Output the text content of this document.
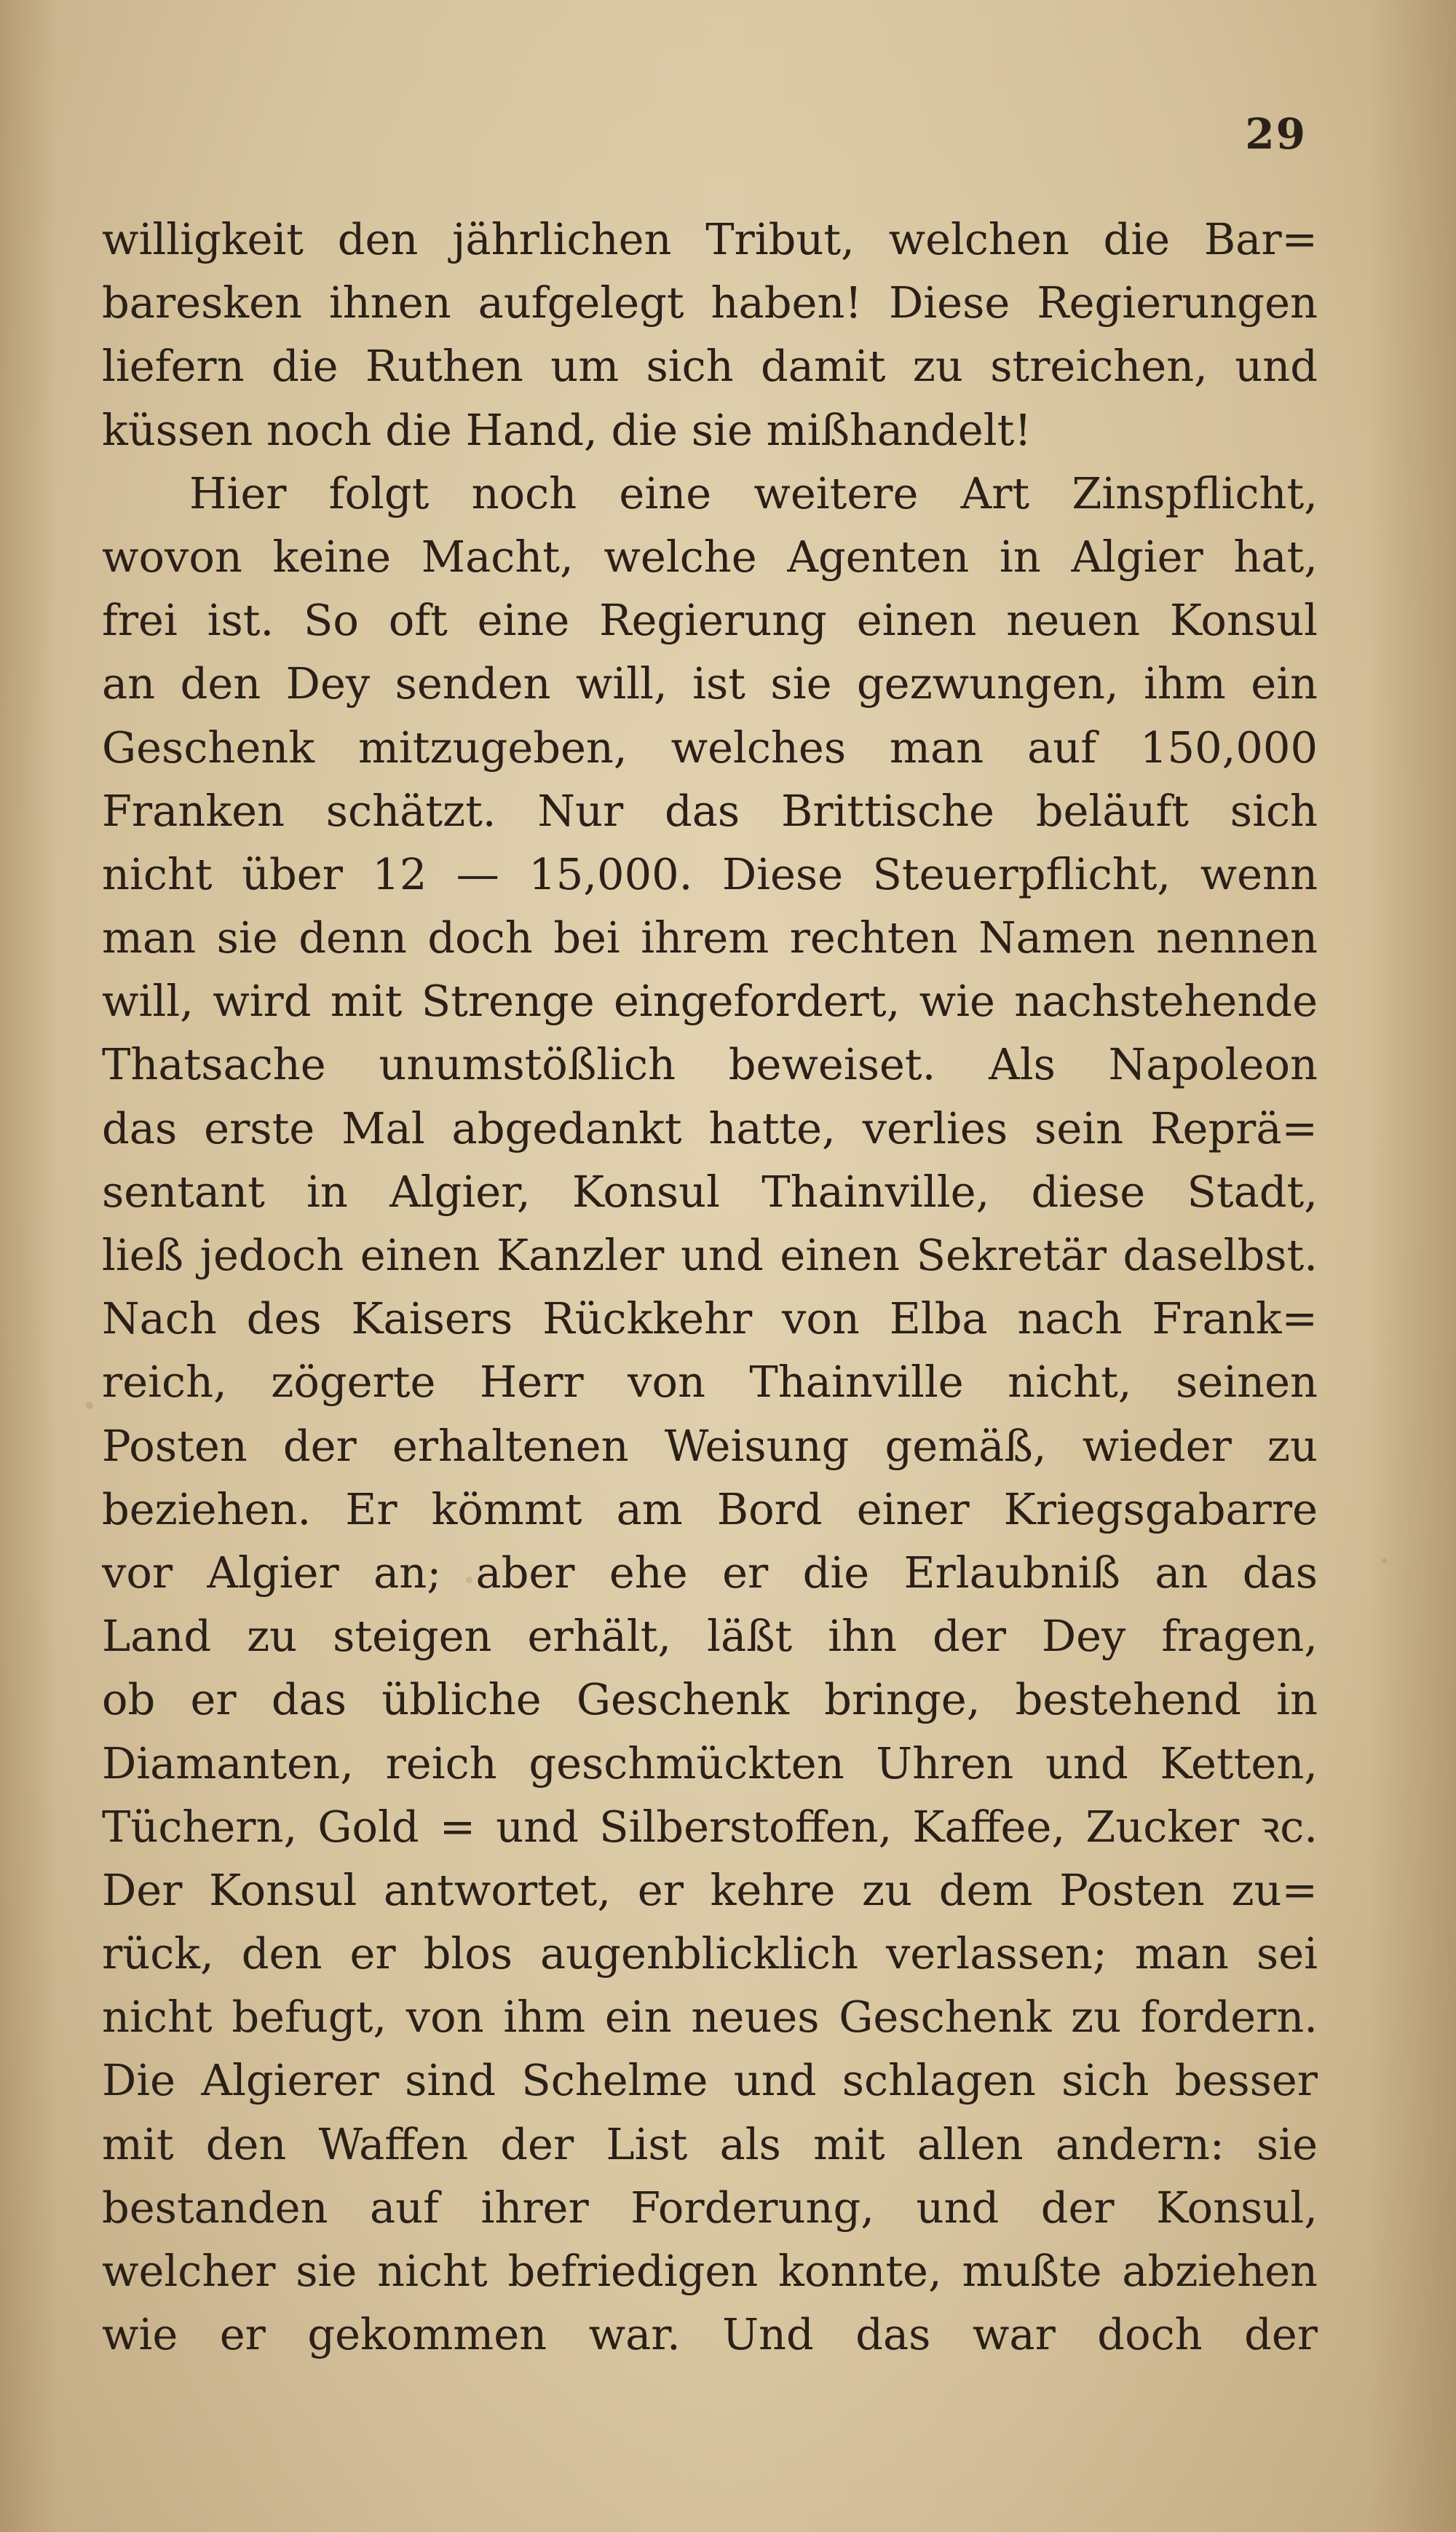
29
willigkeit den jährlichen Tribut, welchen die Bar=
baresken ihnen aufgelegt haben! Diese Regierungen
liefern die Ruthen um sich damit zu streichen, und
küssen noch die Hand, die sie mißhandelt!
Hier folgt noch eine weitere Art Zinspflicht,
wovon keine Macht, welche Agenten in Algier hat,
frei ist. So oft eine Regierung einen neuen Konsul
an den Dey senden will, ist sie gezwungen, ihm ein
Geschenk mitzugeben, welches man auf 150,000
Franken schätzt. Nur das Brittische beläuft sich
nicht über 12 — 15,000. Diese Steuerpflicht, wenn
man sie denn doch bei ihrem rechten Namen nennen
will, wird mit Strenge eingefordert, wie nachstehende
Thatsache unumstößlich beweiset. Als Napoleon
das erste Mal abgedankt hatte, verlies sein Reprä=
sentant in Algier, Konsul Thainville, diese Stadt,
ließ jedoch einen Kanzler und einen Sekretär daselbst.
Nach des Kaisers Rückkehr von Elba nach Frank=
reich, zögerte Herr von Thainville nicht, seinen
Posten der erhaltenen Weisung gemäß, wieder zu
beziehen. Er kömmt am Bord einer Kriegsgabarre
vor Algier an; aber ehe er die Erlaubniß an das
Land zu steigen erhält, läßt ihn der Dey fragen,
ob er das übliche Geschenk bringe, bestehend in
Diamanten, reich geschmückten Uhren und Ketten,
Tüchern, Gold = und Silberstoffen, Kaffee, Zucker ꝛc.
Der Konsul antwortet, er kehre zu dem Posten zu=
rück, den er blos augenblicklich verlassen; man sei
nicht befugt, von ihm ein neues Geschenk zu fordern.
Die Algierer sind Schelme und schlagen sich besser
mit den Waffen der List als mit allen andern: sie
bestanden auf ihrer Forderung, und der Konsul,
welcher sie nicht befriedigen konnte, mußte abziehen
wie er gekommen war. Und das war doch der
